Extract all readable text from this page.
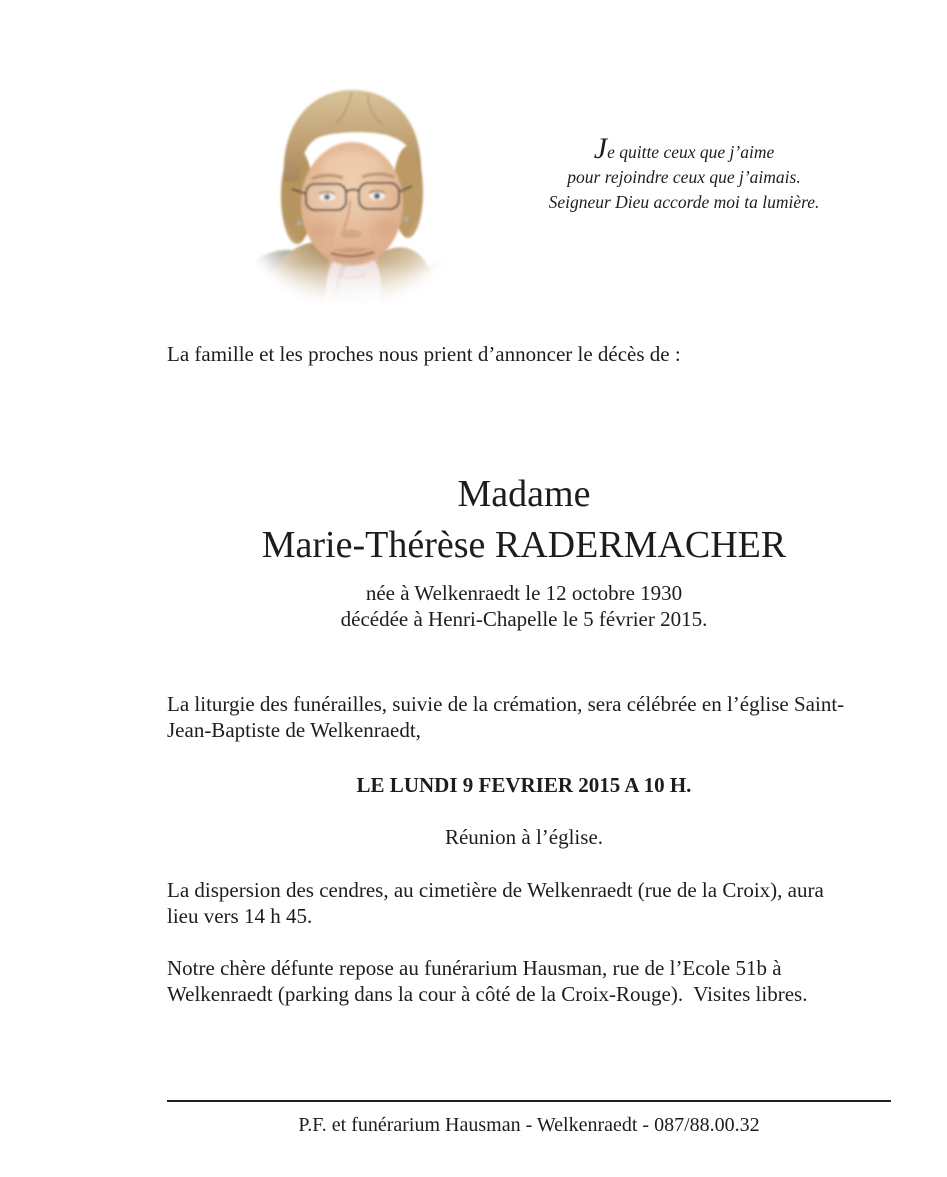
Je quitte ceux que j’aime
pour rejoindre ceux que j’aimais.
Seigneur Dieu accorde moi ta lumière.
La famille et les proches nous prient d’annoncer le décès de :
Madame
Marie-Thérèse RADERMACHER
née à Welkenraedt le 12 octobre 1930
décédée à Henri-Chapelle le 5 février 2015.
La liturgie des funérailles, suivie de la crémation, sera célébrée en l’église Saint-
Jean-Baptiste de Welkenraedt,
LE LUNDI 9 FEVRIER 2015 A 10 H.
Réunion à l’église.
La dispersion des cendres, au cimetière de Welkenraedt (rue de la Croix), aura
lieu vers 14 h 45.
Notre chère défunte repose au funérarium Hausman, rue de l’Ecole 51b à
Welkenraedt (parking dans la cour à côté de la Croix-Rouge).  Visites libres.
P.F. et funérarium Hausman - Welkenraedt - 087/88.00.32
